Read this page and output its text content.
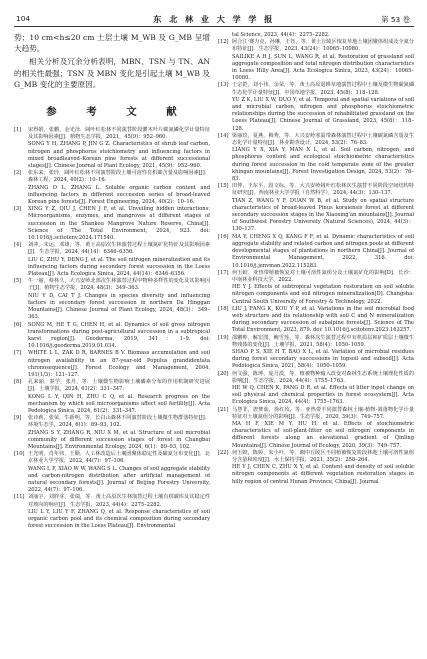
104	东 北 林 业 大 学 学 报	第 53 卷

势；10 cm<h≤20 cm 土层土壤 M_WB 及 G_MB 呈增大趋势。

相关分析及冗余分析表明，MBN、TSN 与 TN、AN 的相关性最强；TSN 及 MBN 变化是引起土壤 M_WB 及 G_MB 变化的主要原因。

参 考 文 献
[1] 宋得娟，张鹏，金光泽．阔叶红松林不同演替阶段灌木叶片碳氮磷化学计量特征及其影响因素[J]．植物生态学报，2021，45(9)：952–960.
SONG Y H, ZHANG P, JIN G Z. Characteristics of shrub leaf carbon, nitrogen and phosphorus stoichiometry and influencing factors in mixed broadleaved–Korean pine forests at different successional stages[J]. Chinese Journal of Plant Ecology, 2021, 45(9)：952–960.
[2] 张东来，张玲．阔叶红松林不同演替阶段土壤可溶性有机碳含量及影响因素[J]．森林工程，2024, 40(2)：10–16.
ZHANG D L, ZHANG L. Soluble organic carbon content and influencing factors in different succession series of broad-leaved Korean pine forests[J]. Forest Engineering, 2024, 40(2)：10–16.
[3] XING Y Z, QIU J, CHEN J F, et al. Unveiling hidden interactions: Microorganisms, enzymes, and mangroves at different stages of succession in the Shankou Mangrove Nature Reserve, China[J]. Science of The Total Environment, 2024, 923. doi: 10.1016/j.scitotenv.2024.171540.
[4] 刘冲，朱运，邓雄，等．黄土高原次生林演替过程土壤氮矿化特征及其影响因素[J]．生态学报，2024, 44(14)：6346–6356.
LIU C, ZHU Y, DENG J, et al. The soil nitrogen mineralization and its influencing factors during secondary forest succession in the Loess Plateau[J]. Acta Ecologica Sinica, 2024, 44(14)：6346–6356.
[5] 牛一丽，蔡林久，大兴安岭北部次生林演替过程中物种多样性的变化及其影响因子[J]．植物生态学报，2024, 48(3)：349–363.
NIU Y D, CAI T J. Changes in species diversity and influencing factors in secondary forest succession in northern Da Hinggan Mountains[J]. Chinese Journal of Plant Ecology, 2024, 48(3)：349–363.
[6] SONG M, HE T G, CHEN H, et al. Dynamics of soil gross nitrogen transformations during post-agricultural succession in a subtropical karst region[J]. Geoderma, 2019, 341：1–9. doi: 10.1016/j.geoderma.2019.01.034.
[7] WHITE L L, ZAK D R, BARNES B V. Biomass accumulation and soil nitrogen availability in an 87-year-old Populus grandidentata chronosequence[J]. Forest Ecology and Management, 2004, 191(1/3)：121–127.
[8] 孔来丽，秦学，张丹，等．土壤微生物影响土壤磷素分布的作用机制研究进展[J]．土壤学报，2024, 61(2)：331–347.
KONG L Y, QIN H, ZHU C Q, et al. Research progress on the mechanism by which soil microorganisms affect soil fertility[J]. Acta Pedologica Sinica, 2024, 61(2)：331–347.
[9] 张诗莉，张荣，牛新明，等．长白山森林不同演替阶段土壤微生物群落特征[J]．环境生态学，2024, 6(1)：89–93, 102.
ZHANG S Y, ZHANG R, NIU X M, et al. Structure of soil microbial community of different succession stages of forest in Changbai Mountains[J]. Environmental Ecology, 2024, 6(1)：89–93, 102.
[10] 王光明，肖年伟，王顺．人工林改造后土壤团聚体稳定性及碳氮分布变化[J]．北京林业大学学报，2022, 44(7)：97–106.
WANG L F, XIAO W W, WANG S L. Changes of soil aggregate stability and carbon-nitrogen distribution after artificial management of natural secondary forests[J]. Journal of Beijing Forestry University, 2022, 44(7)：97–106.
[11] 刘丽宇，刘胖芽，张瑞，等．黄土高原次生林演替过程土壤有机碳库及其稳定性对坡向的响应[J]．生态学报，2023, 44(4)：2275–2282.
LIU L Y, LIU Y F, ZHANG Q, et al. Response characteristics of soil organic carbon pool and its chemical composition during secondary forest succession in the Loess Plateau[J]. Environmental
tal Science, 2023, 44(4)：2275–2282.
[12] 阿合江·赛力克，孙琳，王钰，等．黄土丘陵区恢复草地土壤团聚体组成及全氮分布特征[J]．生态学报，2023, 43(24)：10065–10080.
SAILIKE A H J, SUN L, WANG R, et al. Restoration of grassland soil aggregate composition and total nitrogen distribution characteristics in Loess Hilly Area[J]. Acta Ecologica Sinica, 2023, 43(24)：10065–10080.
[13] 于宗铠，刘小伟，余荣，等．黄土高原退耕草地演替过程中土壤及微生物碳氮磷生态化学计量特征[J]．中国草地学报，2023, 45(8)：118–128.
YU Z K, LIU X W, DUO Y, et al. Temporal and spatial variations of soil and microbial carbon, nitrogen and phosphorus stoichiometric relationships during the succession of rehabilitated grassland on the Loess Plateau[J]. Chinese Journal of Grassland, 2023, 45(8)：118–128.
[14] 梁丽玖，夏燕，梅秀，等．大兴安岭寒温带森林演替过程中土壤碳氮磷含量及生态化学计量特征[J]．林业勘查设计，2024, 53(2)：76–83.
LIANG Y X, XIA Y, MAN X L, et al. Soil carbon, nitrogen, and phosphorus content and ecological stoichiometric characteristics during forest succession in the cold temperate zone of the greater khingan mountains[J]. Forest Investigation Design, 2024, 53(2)：76–83.
[15] 田仲，王东平，段文标，等．大兴安岭阔叶红松林次生演替不同阶段空间结构特征研究[J]．西南林业大学学报（自然科学），2024, 44(3)：130–137.
TIAN Z, WANG Y F, DUAN W B, et al. Study on spatial structure characteristics of broad-leaved Pinus koraiensis forest at different secondary succession stages in the Xiaoxing'an mountains[J]. Journal of Southwest Forestry University (Natural Sciences), 2024, 44(3)：130–137.
[16] MA Y, CHENG X Q, KANG F F, et al. Dynamic characteristics of soil aggregate stability and related carbon and nitrogen pools at different developmental stages of plantations in northern China[J]. Journal of Environmental Management, 2022, 316. doi: 10.1016/j.jenvman.2022.115283.
[17] 何玉蛟．亚热带植被恢复对土壤可溶性氮组分及土壤氮矿化的影响[D]．长沙：中南林业科技大学，2022.
HE Y J. Effects of subtropical vegetation restoration on soil soluble nitrogen components and soil nitrogen mineralization[D]. Changsha: Central South University of Forestry & Technology, 2022.
[18] LIU J, FANG K, KOU Y P, et al. Variations in the soil microbial food web structure and its relationship with soil C and N mineralization during secondary succession of subalpine forests[J]. Science of The Total Environment, 2023, 879. doi: 10.1016/j.scitotenv.2023.163257.
[19] 邵鹏帅，解宏图，鲍雪莲，等．森林次生演替过程中有机质层和矿质层土壤微生物残体的变化[J]．土壤学报，2021, 58(4)：1050–1059.
SHAO P S, XIE H T, BAO X L, et al. Variation of microbial residues during forest secondary successions in topsoil and subsoil[J]. Acta Pedologica Sinica, 2021, 58(4)：1050–1059.
[20] 何文强，陈坤，庞月漠，等．植被物种输入改变对森林生态系统土壤理化性质的影响[J]．生态学报，2024, 44(4)：1755–1763.
HE W Q, CHEN K, PANG D R, et al. Effects of litter input change on soil physical and chemical properties in forest ecosystem[J]. Acta Ecologica Sinica, 2024, 44(4)：1755–1763.
[21] 马慧非，唐梦茹，徐红玫，等．亚热带不同演替森林土壤-植物-凋落物化学计量特征对土壤氮组分的影响[J]．生态学报，2020, 39(3)：749–757.
MA H F, XIE M Y, HU H, et al. Effects of stoichiometric characteristics of soil-plant-litter on soil nitrogen components in different forests along an elevational gradient of Qinling Mountains[J]. Chinese Journal of Ecology, 2020, 39(3)：749–757.
[22] 何玉蛟，陈婷，朱小叶，等．湘中丘陵区不同植被恢复阶段林地土壤可溶性氮组分含量和密度[J]．水土保持学报，2021, 35(2)：258–264.
HE Y J, CHEN C, ZHU X Y, et al. Content and density of soil soluble nitrogen components at different vegetation restoration stages in hilly region of central Hunan Province, China[J]. Journal
